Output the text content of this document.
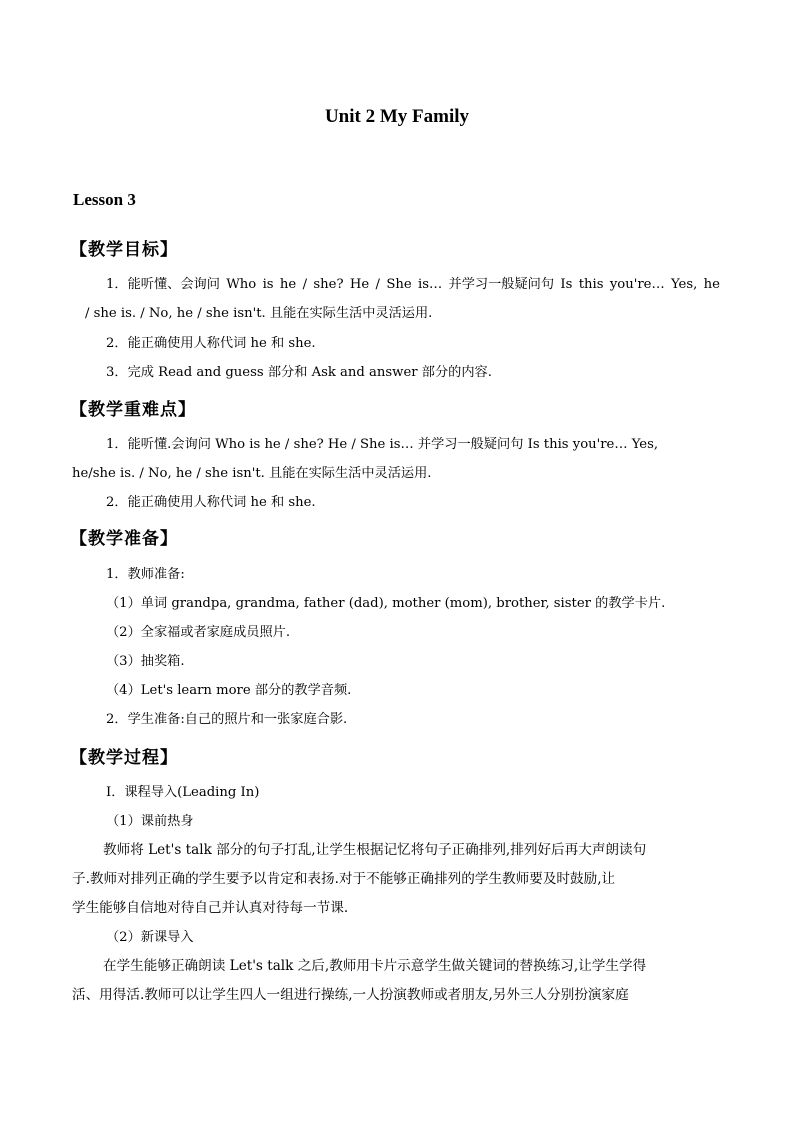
Unit 2 My Family
Lesson 3
【教学目标】
1．能听懂、会询问 Who is he / she? He / She is… 并学习一般疑问句 Is this you're… Yes, he
/ she is. / No, he / she isn't. 且能在实际生活中灵活运用.
2．能正确使用人称代词 he 和 she.
3．完成 Read and guess 部分和 Ask and answer 部分的内容.
【教学重难点】
1．能听懂.会询问 Who is he / she? He / She is… 并学习一般疑问句 Is this you're… Yes,
he/she is. / No, he / she isn't. 且能在实际生活中灵活运用.
2．能正确使用人称代词 he 和 she.
【教学准备】
1．教师准备:
（1）单词 grandpa, grandma, father (dad), mother (mom), brother, sister 的教学卡片.
（2）全家福或者家庭成员照片.
（3）抽奖箱.
（4）Let's learn more 部分的教学音频.
2．学生准备:自己的照片和一张家庭合影.
【教学过程】
Ⅰ．课程导入(Leading In)
（1）课前热身
教师将 Let's talk 部分的句子打乱,让学生根据记忆将句子正确排列,排列好后再大声朗读句
子.教师对排列正确的学生要予以肯定和表扬.对于不能够正确排列的学生教师要及时鼓励,让
学生能够自信地对待自己并认真对待每一节课.
（2）新课导入
在学生能够正确朗读 Let's talk 之后,教师用卡片示意学生做关键词的替换练习,让学生学得
活、用得活.教师可以让学生四人一组进行操练,一人扮演教师或者朋友,另外三人分别扮演家庭
